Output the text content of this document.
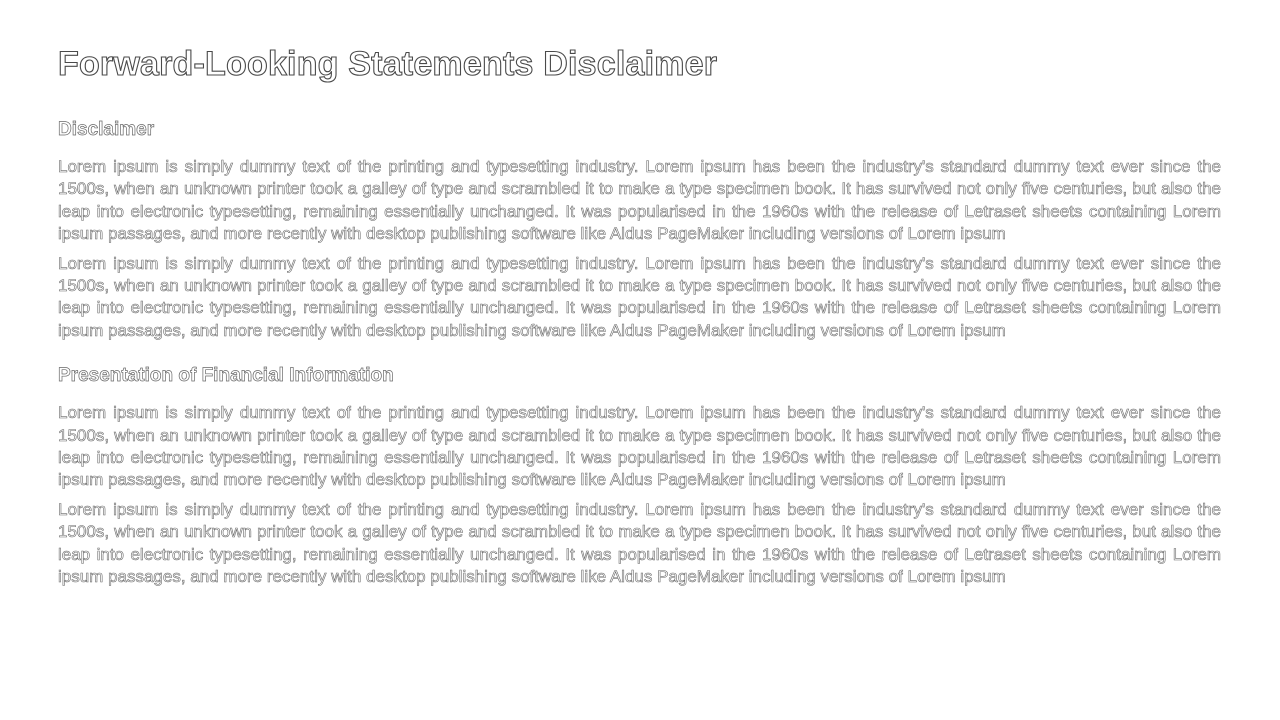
Forward-Looking Statements Disclaimer
Disclaimer

Lorem ipsum is simply dummy text of the printing and typesetting industry. Lorem ipsum has been the industry's standard dummy text ever since the 1500s, when an unknown printer took a galley of type and scrambled it to make a type specimen book. It has survived not only five centuries, but also the leap into electronic typesetting, remaining essentially unchanged. It was popularised in the 1960s with the release of Letraset sheets containing Lorem ipsum passages, and more recently with desktop publishing software like Aldus PageMaker including versions of Lorem ipsum

Lorem ipsum is simply dummy text of the printing and typesetting industry. Lorem ipsum has been the industry's standard dummy text ever since the 1500s, when an unknown printer took a galley of type and scrambled it to make a type specimen book. It has survived not only five centuries, but also the leap into electronic typesetting, remaining essentially unchanged. It was popularised in the 1960s with the release of Letraset sheets containing Lorem ipsum passages, and more recently with desktop publishing software like Aldus PageMaker including versions of Lorem ipsum

Presentation of Financial Information

Lorem ipsum is simply dummy text of the printing and typesetting industry. Lorem ipsum has been the industry's standard dummy text ever since the 1500s, when an unknown printer took a galley of type and scrambled it to make a type specimen book. It has survived not only five centuries, but also the leap into electronic typesetting, remaining essentially unchanged. It was popularised in the 1960s with the release of Letraset sheets containing Lorem ipsum passages, and more recently with desktop publishing software like Aldus PageMaker including versions of Lorem ipsum

Lorem ipsum is simply dummy text of the printing and typesetting industry. Lorem ipsum has been the industry's standard dummy text ever since the 1500s, when an unknown printer took a galley of type and scrambled it to make a type specimen book. It has survived not only five centuries, but also the leap into electronic typesetting, remaining essentially unchanged. It was popularised in the 1960s with the release of Letraset sheets containing Lorem ipsum passages, and more recently with desktop publishing software like Aldus PageMaker including versions of Lorem ipsum
